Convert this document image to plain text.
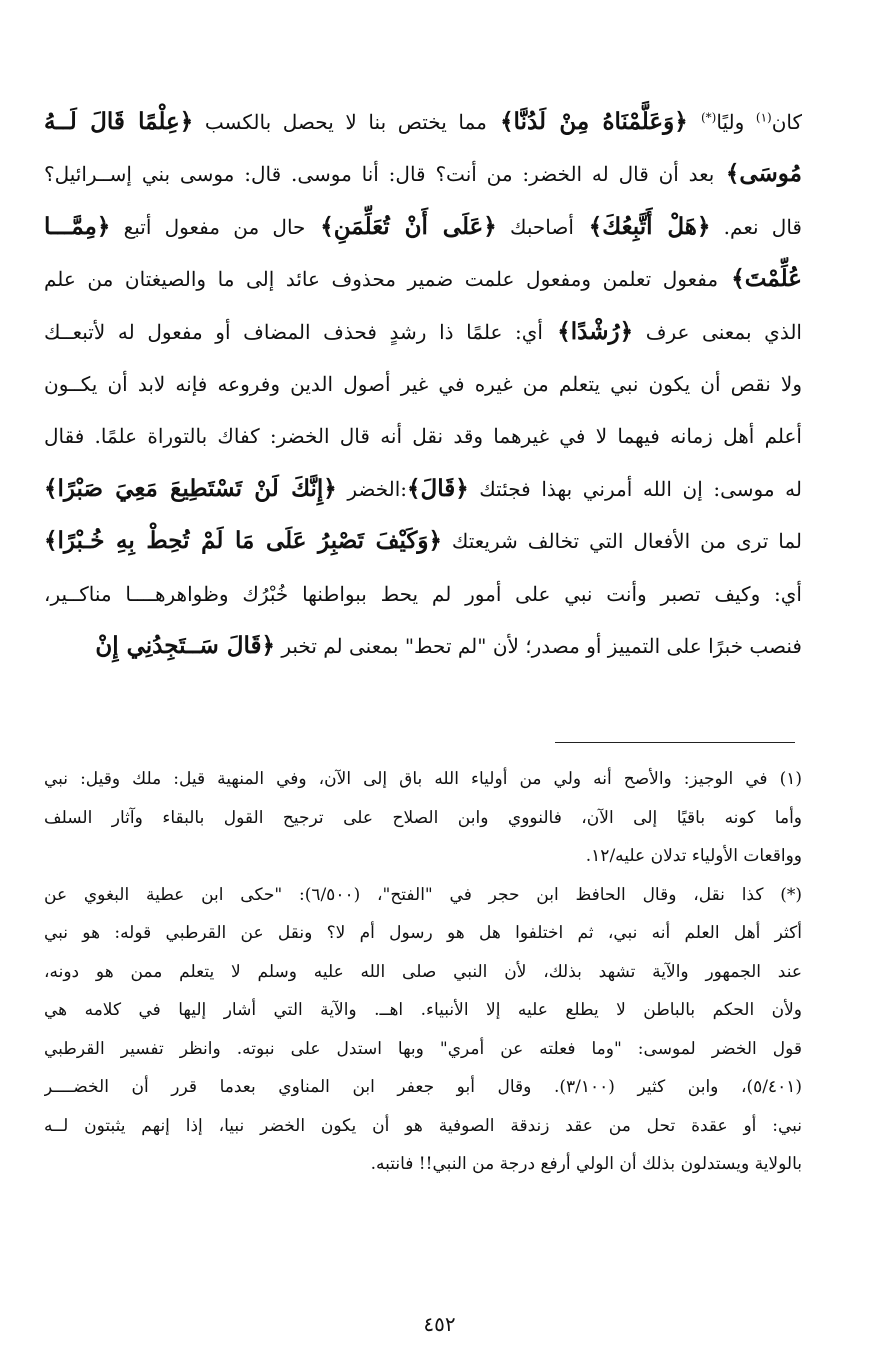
كان$^{(١)}$ وليًا(*) ﴿وَعَلَّمْنَاهُ مِنْ لَدُنَّا﴾ مما يختص بنا لا يحصل بالكسب ﴿عِلْمًا قَالَ لَــهُ
مُوسَى﴾ بعد أن قال له الخضر: من أنت؟ قال: أنا موسى. قال: موسى بني إســرائيل؟
قال نعم. ﴿هَلْ أَتَّبِعُكَ﴾ أصاحبك ﴿عَلَى أَنْ تُعَلِّمَنِ﴾ حال من مفعول أتبع ﴿مِمَّـــا
عُلِّمْتَ﴾ مفعول تعلمن ومفعول علمت ضمير محذوف عائد إلى ما والصيغتان من علم
الذي بمعنى عرف ﴿رُشْدًا﴾ أي: علمًا ذا رشدٍ فحذف المضاف أو مفعول له لأتبعــك
ولا نقص أن يكون نبي يتعلم من غيره في غير أصول الدين وفروعه فإنه لابد أن يكــون
أعلم أهل زمانه فيهما لا في غيرهما وقد نقل أنه قال الخضر: كفاك بالتوراة علمًا. فقال
له موسى: إن الله أمرني بهذا فجئتك ﴿قَالَ﴾:الخضر ﴿إِنَّكَ لَنْ تَسْتَطِيعَ مَعِيَ صَبْرًا﴾
لما ترى من الأفعال التي تخالف شريعتك ﴿وَكَيْفَ تَصْبِرُ عَلَى مَا لَمْ تُحِطْ بِهِ خُـبْرًا﴾
أي: وكيف تصبر وأنت نبي على أمور لم يحط ببواطنها خُبْرُك وظواهرهــــا مناكــير،
فنصب خبرًا على التمييز أو مصدر؛ لأن "لم تحط" بمعنى لم تخبر ﴿قَالَ سَــتَجِدُنِي إِنْ
(١) في الوجيز: والأصح أنه ولي من أولياء الله باق إلى الآن، وفي المنهية قيل: ملك وقيل: نبي
وأما كونه باقيًا إلى الآن، فالنووي وابن الصلاح على ترجيح القول بالبقاء وآثار السلف
وواقعات الأولياء تدلان عليه/١٢.
(*) كذا نقل، وقال الحافظ ابن حجر في "الفتح"، (٦/٥٠٠): "حكى ابن عطية البغوي عن
أكثر أهل العلم أنه نبي، ثم اختلفوا هل هو رسول أم لا؟ ونقل عن القرطبي قوله: هو نبي
عند الجمهور والآية تشهد بذلك، لأن النبي صلى الله عليه وسلم لا يتعلم ممن هو دونه،
ولأن الحكم بالباطن لا يطلع عليه إلا الأنبياء. اهــ. والآية التي أشار إليها في كلامه هي
قول الخضر لموسى: "وما فعلته عن أمري" وبها استدل على نبوته. وانظر تفسير القرطبي
(٥/٤٠١)، وابن كثير (٣/١٠٠). وقال أبو جعفر ابن المناوي بعدما قرر أن الخضــــر
نبي: أو عقدة تحل من عقد زندقة الصوفية هو أن يكون الخضر نبيا، إذا إنهم يثبتون لــه
بالولاية ويستدلون بذلك أن الولي أرفع درجة من النبي!! فانتبه.
٤٥٢
